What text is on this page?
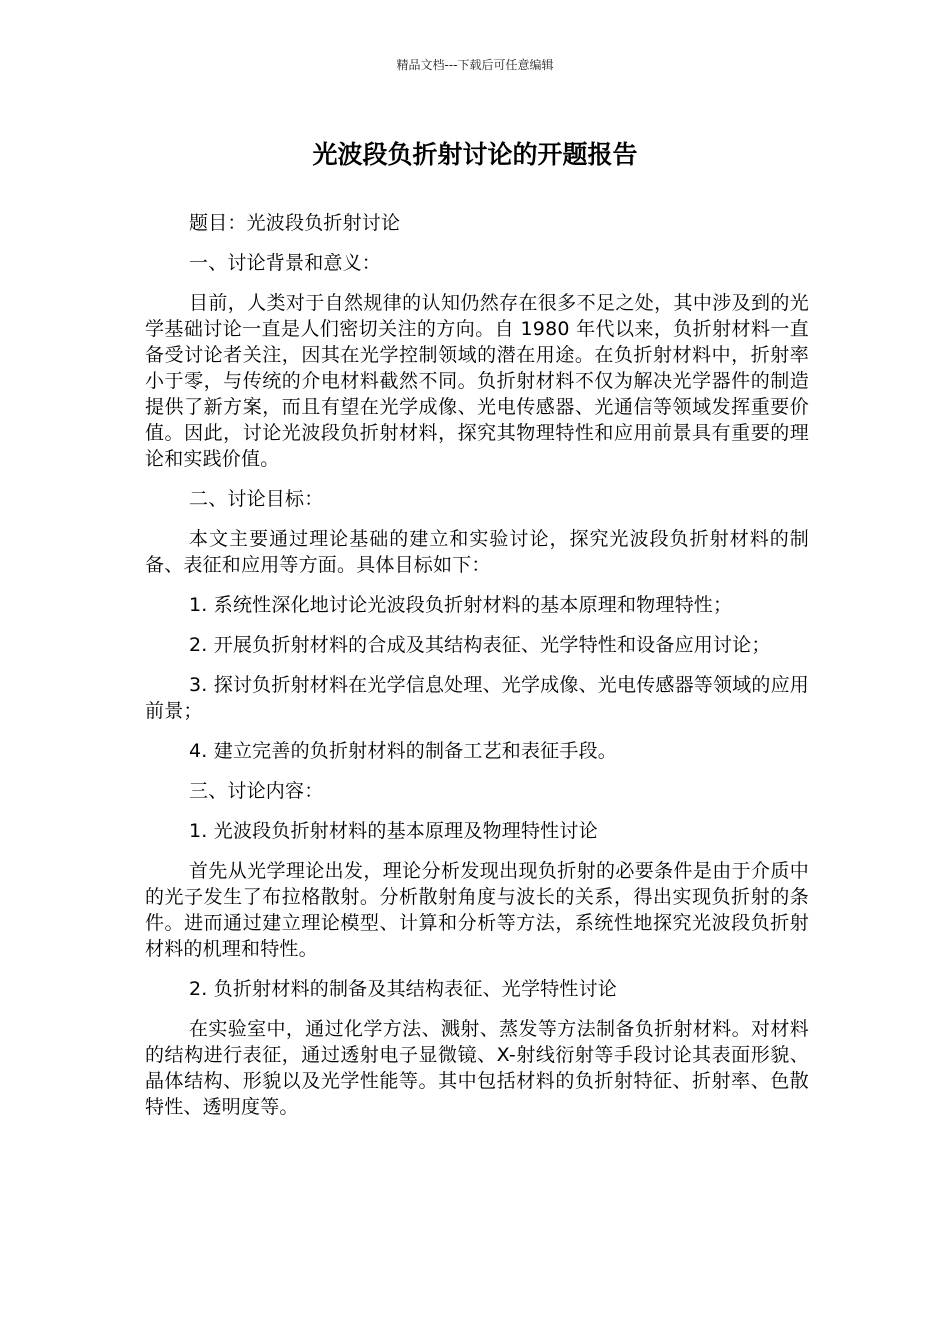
精品文档---下载后可任意编辑
光波段负折射讨论的开题报告

题目：光波段负折射讨论

一、讨论背景和意义：

目前，人类对于自然规律的认知仍然存在很多不足之处，其中涉及到的光学基础讨论一直是人们密切关注的方向。自 1980 年代以来，负折射材料一直备受讨论者关注，因其在光学控制领域的潜在用途。在负折射材料中，折射率小于零，与传统的介电材料截然不同。负折射材料不仅为解决光学器件的制造提供了新方案，而且有望在光学成像、光电传感器、光通信等领域发挥重要价值。因此，讨论光波段负折射材料，探究其物理特性和应用前景具有重要的理论和实践价值。

二、讨论目标：

本文主要通过理论基础的建立和实验讨论，探究光波段负折射材料的制备、表征和应用等方面。具体目标如下：

1. 系统性深化地讨论光波段负折射材料的基本原理和物理特性；

2. 开展负折射材料的合成及其结构表征、光学特性和设备应用讨论；

3. 探讨负折射材料在光学信息处理、光学成像、光电传感器等领域的应用前景；

4. 建立完善的负折射材料的制备工艺和表征手段。

三、讨论内容：

1. 光波段负折射材料的基本原理及物理特性讨论

首先从光学理论出发，理论分析发现出现负折射的必要条件是由于介质中的光子发生了布拉格散射。分析散射角度与波长的关系，得出实现负折射的条件。进而通过建立理论模型、计算和分析等方法，系统性地探究光波段负折射材料的机理和特性。

2. 负折射材料的制备及其结构表征、光学特性讨论

在实验室中，通过化学方法、溅射、蒸发等方法制备负折射材料。对材料的结构进行表征，通过透射电子显微镜、X-射线衍射等手段讨论其表面形貌、晶体结构、形貌以及光学性能等。其中包括材料的负折射特征、折射率、色散特性、透明度等。
